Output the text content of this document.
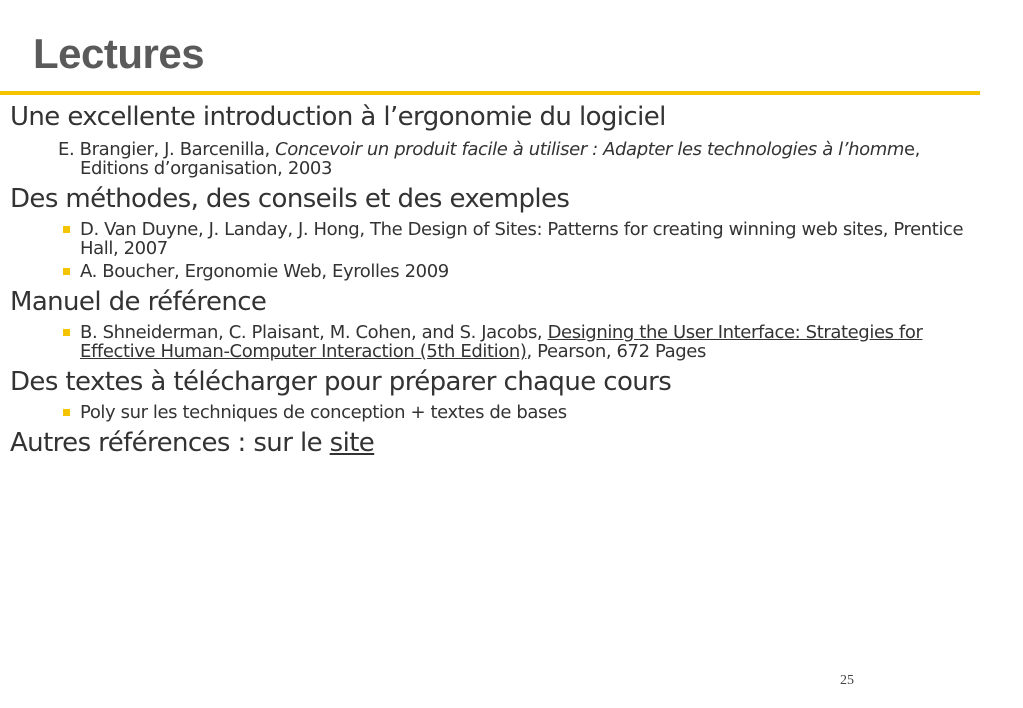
Lectures
Une excellente introduction à l’ergonomie du logiciel
E. Brangier, J. Barcenilla, Concevoir un produit facile à utiliser : Adapter les technologies à l’homme, Editions d’organisation, 2003
Des méthodes, des conseils et des exemples
D. Van Duyne, J. Landay, J. Hong, The Design of Sites: Patterns for creating winning web sites, Prentice Hall, 2007
A. Boucher, Ergonomie Web, Eyrolles 2009
Manuel de référence
B. Shneiderman, C. Plaisant, M. Cohen, and S. Jacobs, Designing the User Interface: Strategies for Effective Human-Computer Interaction (5th Edition), Pearson, 672 Pages
Des textes à télécharger pour préparer chaque cours
Poly sur les techniques de conception + textes de bases
Autres références : sur le site
25
